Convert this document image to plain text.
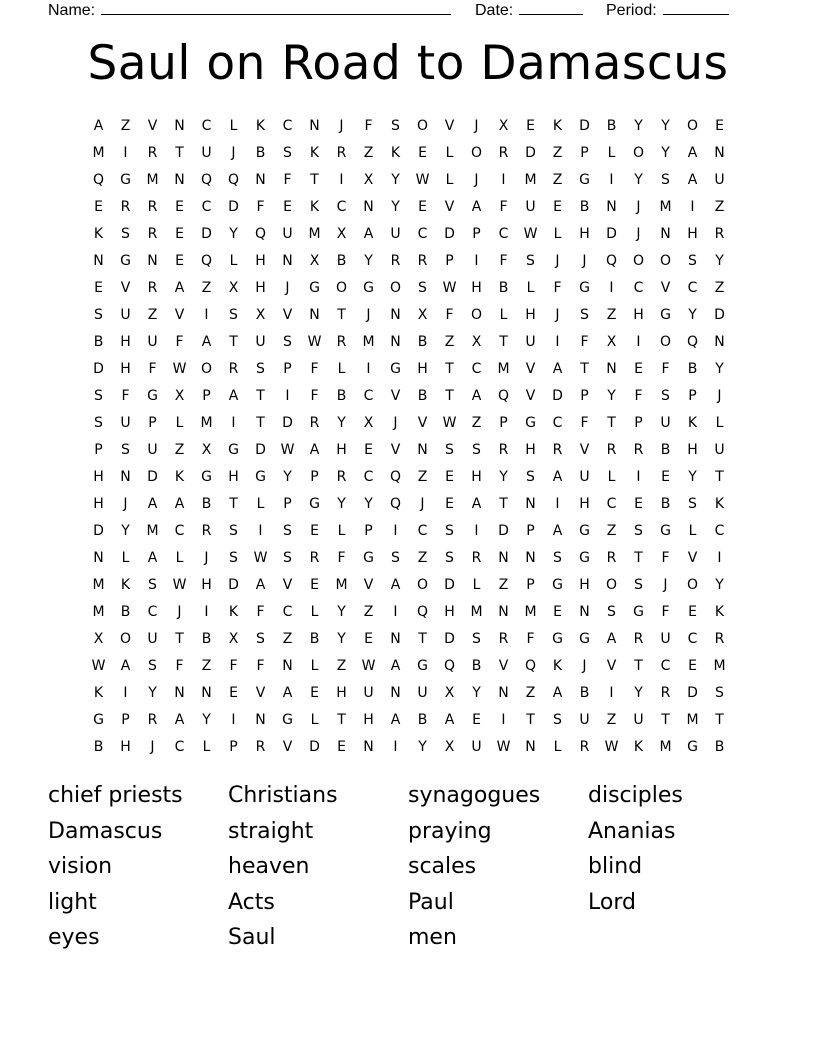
Name:	Date:	Period:
Saul on Road to Damascus
A	Z	V	N	C	L	K	C	N	J	F	S	O	V	J	X	E	K	D	B	Y	Y	O	E
M	I	R	T	U	J	B	S	K	R	Z	K	E	L	O	R	D	Z	P	L	O	Y	A	N
Q	G	M	N	Q	Q	N	F	T	I	X	Y	W	L	J	I	M	Z	G	I	Y	S	A	U
E	R	R	E	C	D	F	E	K	C	N	Y	E	V	A	F	U	E	B	N	J	M	I	Z
K	S	R	E	D	Y	Q	U	M	X	A	U	C	D	P	C	W	L	H	D	J	N	H	R
N	G	N	E	Q	L	H	N	X	B	Y	R	R	P	I	F	S	J	J	Q	O	O	S	Y
E	V	R	A	Z	X	H	J	G	O	G	O	S	W	H	B	L	F	G	I	C	V	C	Z
S	U	Z	V	I	S	X	V	N	T	J	N	X	F	O	L	H	J	S	Z	H	G	Y	D
B	H	U	F	A	T	U	S	W	R	M	N	B	Z	X	T	U	I	F	X	I	O	Q	N
D	H	F	W	O	R	S	P	F	L	I	G	H	T	C	M	V	A	T	N	E	F	B	Y
S	F	G	X	P	A	T	I	F	B	C	V	B	T	A	Q	V	D	P	Y	F	S	P	J
S	U	P	L	M	I	T	D	R	Y	X	J	V	W	Z	P	G	C	F	T	P	U	K	L
P	S	U	Z	X	G	D	W	A	H	E	V	N	S	S	R	H	R	V	R	R	B	H	U
H	N	D	K	G	H	G	Y	P	R	C	Q	Z	E	H	Y	S	A	U	L	I	E	Y	T
H	J	A	A	B	T	L	P	G	Y	Y	Q	J	E	A	T	N	I	H	C	E	B	S	K
D	Y	M	C	R	S	I	S	E	L	P	I	C	S	I	D	P	A	G	Z	S	G	L	C
N	L	A	L	J	S	W	S	R	F	G	S	Z	S	R	N	N	S	G	R	T	F	V	I
M	K	S	W	H	D	A	V	E	M	V	A	O	D	L	Z	P	G	H	O	S	J	O	Y
M	B	C	J	I	K	F	C	L	Y	Z	I	Q	H	M	N	M	E	N	S	G	F	E	K
X	O	U	T	B	X	S	Z	B	Y	E	N	T	D	S	R	F	G	G	A	R	U	C	R
W	A	S	F	Z	F	F	N	L	Z	W	A	G	Q	B	V	Q	K	J	V	T	C	E	M
K	I	Y	N	N	E	V	A	E	H	U	N	U	X	Y	N	Z	A	B	I	Y	R	D	S
G	P	R	A	Y	I	N	G	L	T	H	A	B	A	E	I	T	S	U	Z	U	T	M	T
B	H	J	C	L	P	R	V	D	E	N	I	Y	X	U	W	N	L	R	W	K	M	G	B
chief priests	Christians	synagogues	disciples
Damascus	straight	praying	Ananias
vision	heaven	scales	blind
light	Acts	Paul	Lord
eyes	Saul	men
